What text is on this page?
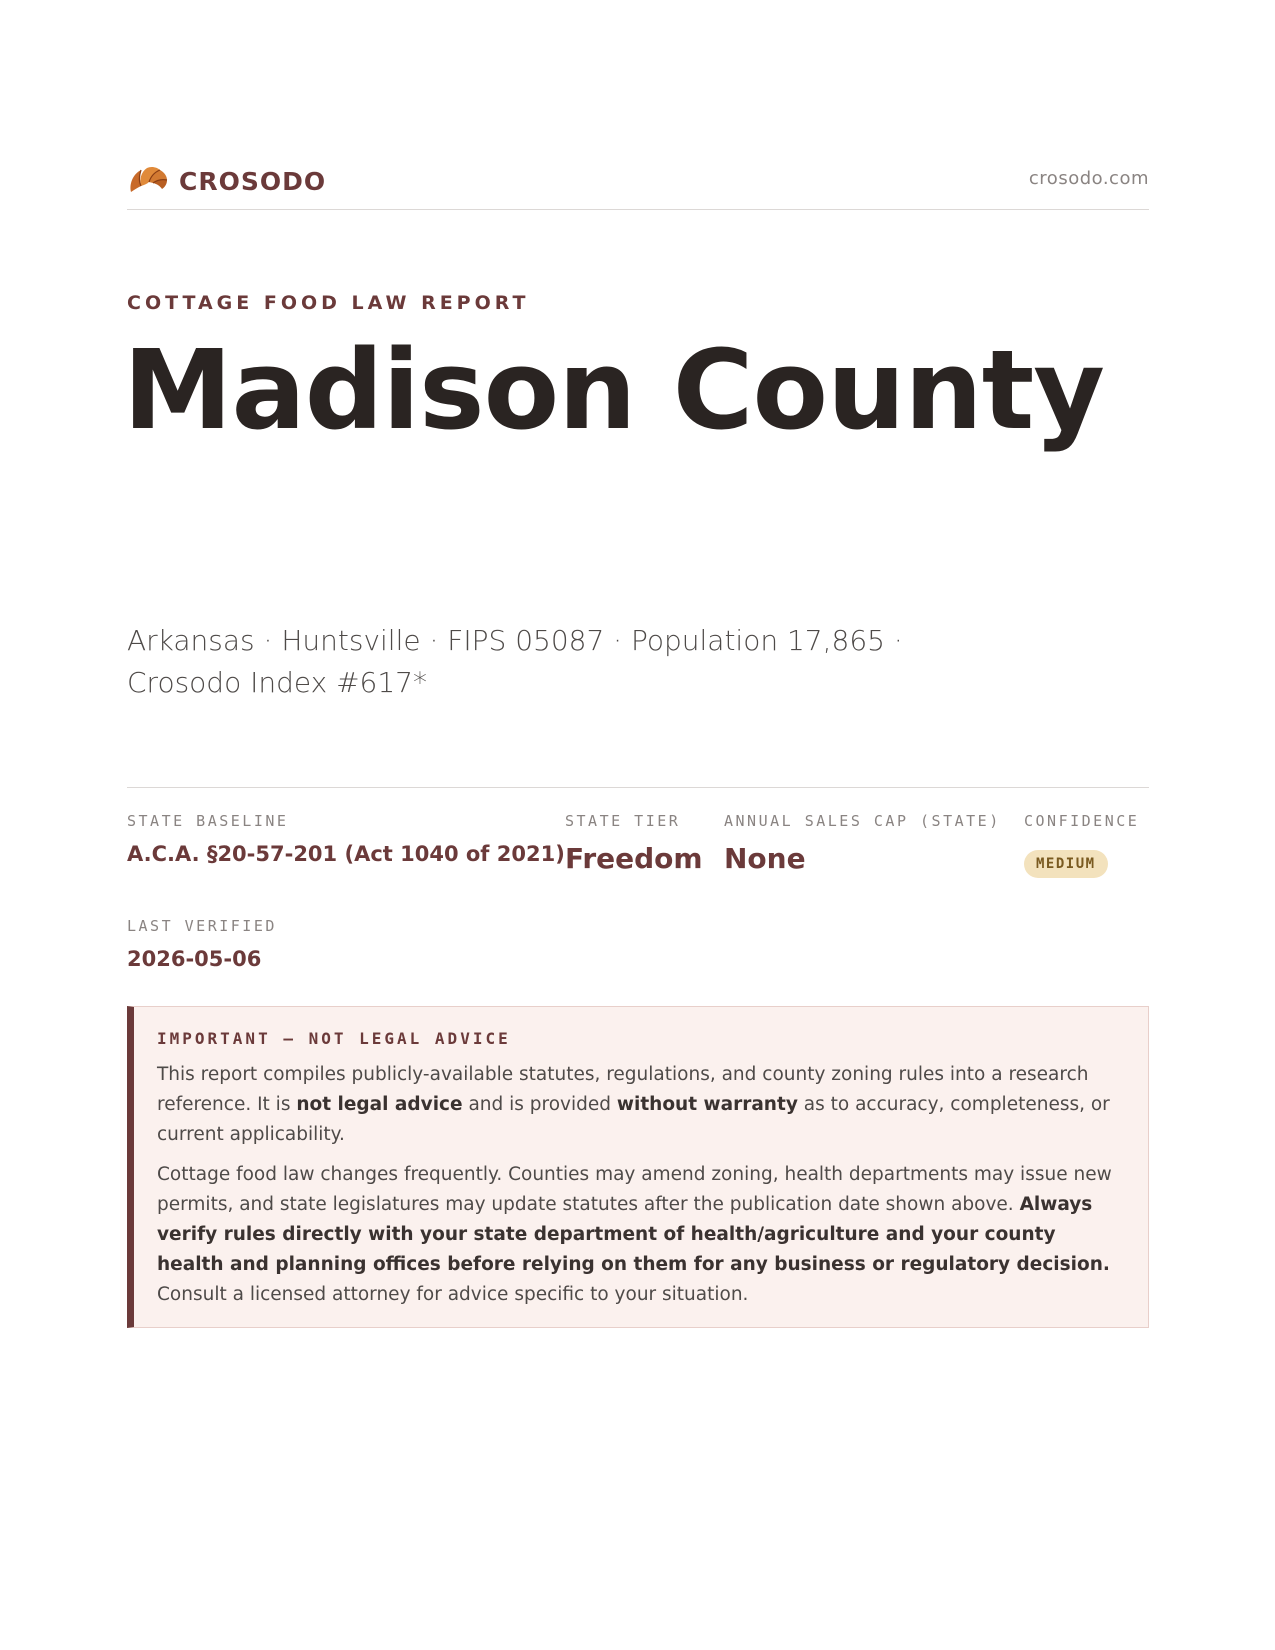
CROSODO	crosodo.com
COTTAGE FOOD LAW REPORT
Madison County
Arkansas · Huntsville · FIPS 05087 · Population 17,865 ·
Crosodo Index #617*
STATE BASELINE
A.C.A. §20-57-201 (Act 1040 of 2021)
STATE TIER
Freedom
ANNUAL SALES CAP (STATE)
None
CONFIDENCE
MEDIUM
LAST VERIFIED
2026-05-06
IMPORTANT — NOT LEGAL ADVICE

This report compiles publicly-available statutes, regulations, and county zoning rules into a research reference. It is not legal advice and is provided without warranty as to accuracy, completeness, or current applicability.

Cottage food law changes frequently. Counties may amend zoning, health departments may issue new permits, and state legislatures may update statutes after the publication date shown above. Always verify rules directly with your state department of health/agriculture and your county health and planning offices before relying on them for any business or regulatory decision. Consult a licensed attorney for advice specific to your situation.
